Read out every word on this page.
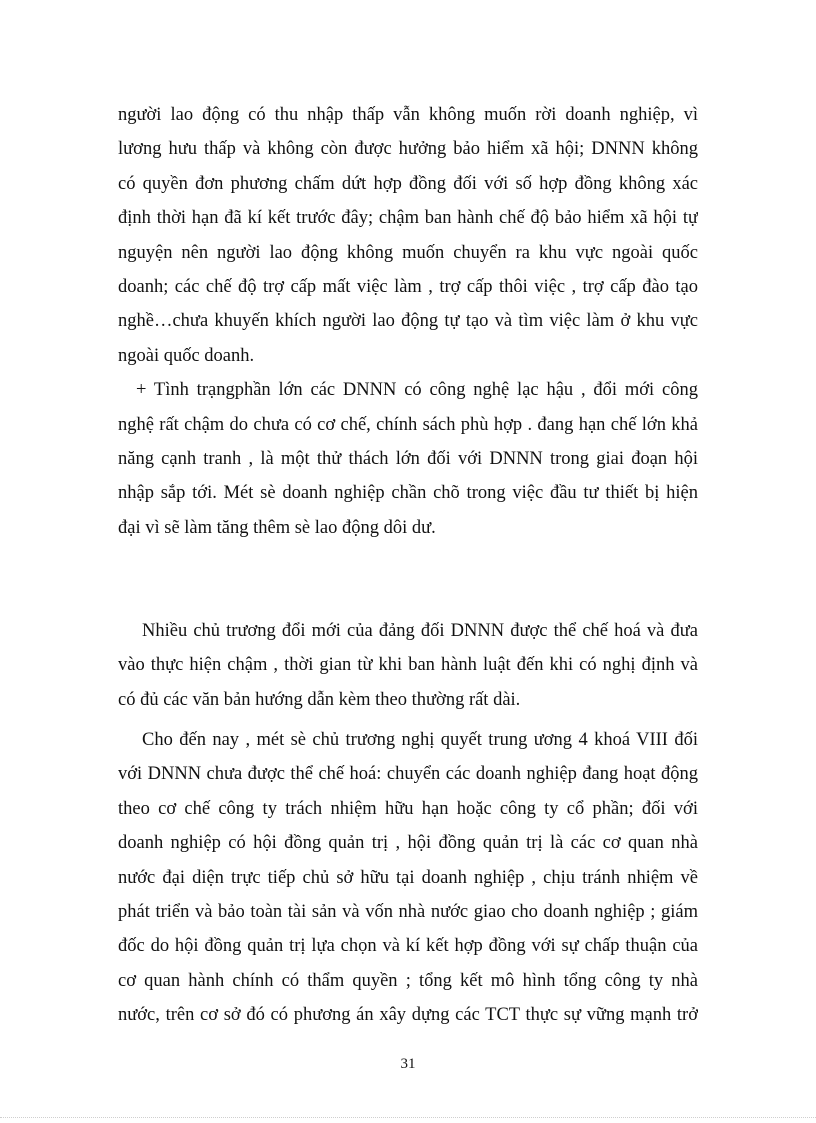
người lao động có thu nhập thấp vẫn không muốn rời doanh nghiệp, vì
lương hưu thấp và không còn được hưởng bảo hiểm xã hội; DNNN không
có quyền đơn phương chấm dứt hợp đồng đối với số hợp đồng không xác
định thời hạn đã kí kết trước đây; chậm ban hành chế độ bảo hiểm xã hội tự
nguyện nên người lao động không muốn chuyển ra khu vực ngoài quốc
doanh; các chế độ trợ cấp mất việc làm , trợ cấp thôi việc , trợ cấp đào tạo
nghề…chưa khuyến khích người lao động tự tạo và tìm việc làm ở khu vực
ngoài quốc doanh.
+ Tình trạngphần lớn các DNNN có công nghệ lạc hậu , đổi mới công
nghệ rất chậm do chưa có cơ chế, chính sách phù hợp . đang hạn chế lớn khả
năng cạnh tranh , là một thử thách lớn đối với DNNN trong giai đoạn hội
nhập sắp tới. Mét sè doanh nghiệp chần chõ trong việc đầu tư thiết bị hiện
đại vì sẽ làm tăng thêm sè lao động dôi dư.
Nhiều chủ trương đổi mới của đảng đối DNNN được thể chế hoá và đưa
vào thực hiện chậm , thời gian từ khi ban hành luật đến khi có nghị định và
có đủ các văn bản hướng dẫn kèm theo thường rất dài.
Cho đến nay , mét sè chủ trương nghị quyết trung ương 4 khoá VIII đối
với DNNN chưa được thể chế hoá: chuyển các doanh nghiệp đang hoạt động
theo cơ chế công ty trách nhiệm hữu hạn hoặc công ty cổ phần; đối với
doanh nghiệp có hội đồng quản trị , hội đồng quản trị là các cơ quan nhà
nước đại diện trực tiếp chủ sở hữu tại doanh nghiệp , chịu tránh nhiệm về
phát triển và bảo toàn tài sản và vốn nhà nước giao cho doanh nghiệp ; giám
đốc do hội đồng quản trị lựa chọn và kí kết hợp đồng với sự chấp thuận của
cơ quan hành chính có thẩm quyền ; tổng kết mô hình tổng công ty nhà
nước, trên cơ sở đó có phương án xây dựng các TCT thực sự vững mạnh trở
31
